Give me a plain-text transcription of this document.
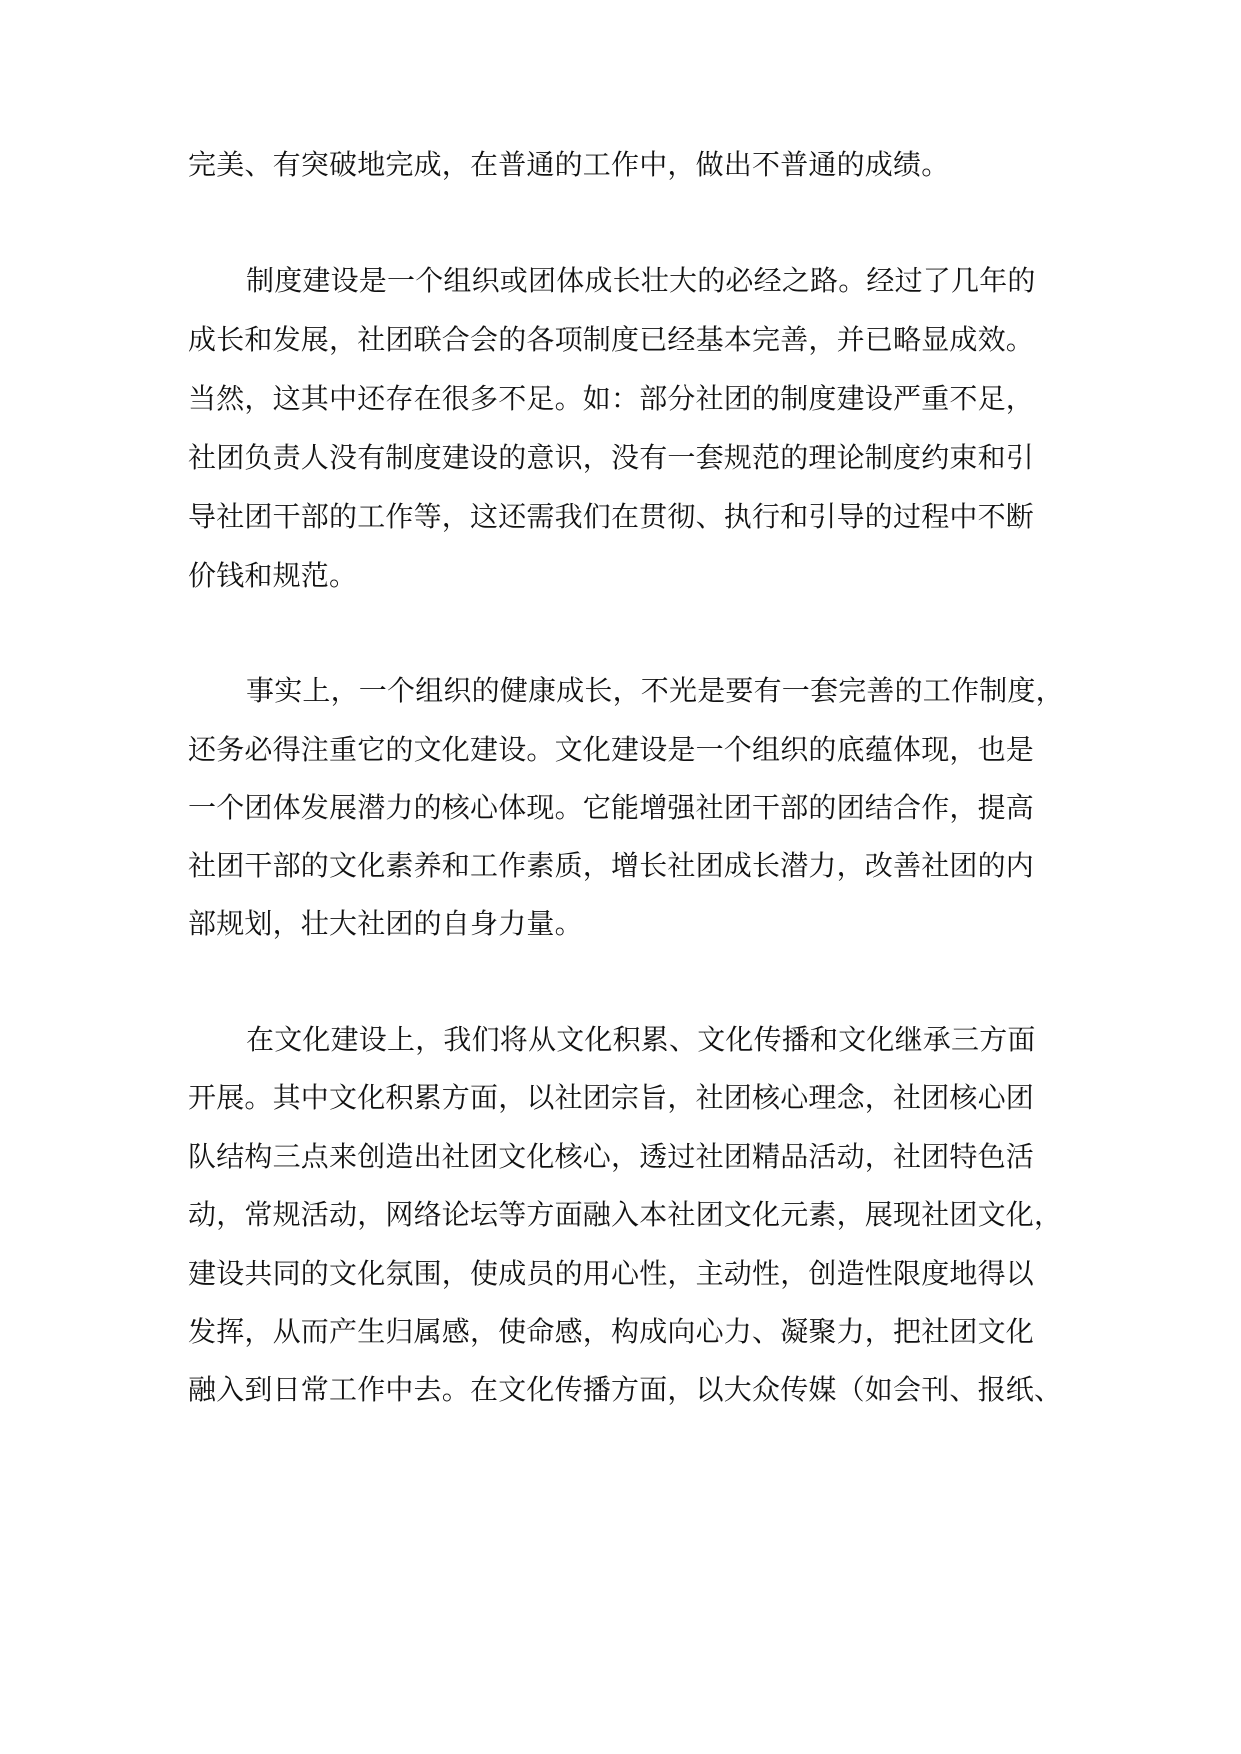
完美、有突破地完成，在普通的工作中，做出不普通的成绩。
制度建设是一个组织或团体成长壮大的必经之路。经过了几年的
成长和发展，社团联合会的各项制度已经基本完善，并已略显成效。
当然，这其中还存在很多不足。如：部分社团的制度建设严重不足，
社团负责人没有制度建设的意识，没有一套规范的理论制度约束和引
导社团干部的工作等，这还需我们在贯彻、执行和引导的过程中不断
价钱和规范。
事实上，一个组织的健康成长，不光是要有一套完善的工作制度，
还务必得注重它的文化建设。文化建设是一个组织的底蕴体现，也是
一个团体发展潜力的核心体现。它能增强社团干部的团结合作，提高
社团干部的文化素养和工作素质，增长社团成长潜力，改善社团的内
部规划，壮大社团的自身力量。
在文化建设上，我们将从文化积累、文化传播和文化继承三方面
开展。其中文化积累方面，以社团宗旨，社团核心理念，社团核心团
队结构三点来创造出社团文化核心，透过社团精品活动，社团特色活
动，常规活动，网络论坛等方面融入本社团文化元素，展现社团文化，
建设共同的文化氛围，使成员的用心性，主动性，创造性限度地得以
发挥，从而产生归属感，使命感，构成向心力、凝聚力，把社团文化
融入到日常工作中去。在文化传播方面，以大众传媒（如会刊、报纸、
